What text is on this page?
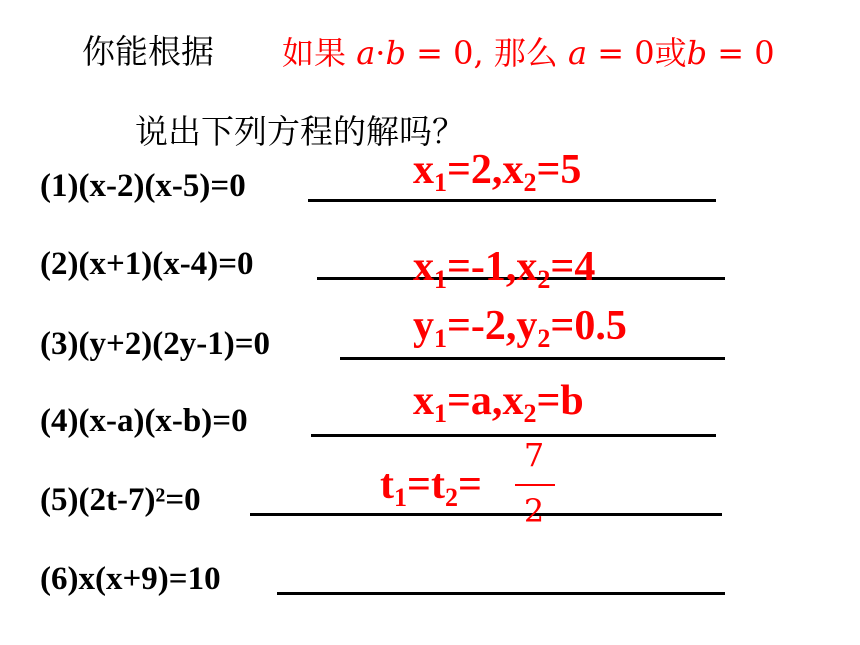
你能根据 如果 a·b = 0, 那么 a = 0或b = 0
说出下列方程的解吗？
(1)(x-2)(x-5)=0
(2)(x+1)(x-4)=0
(3)(y+2)(2y-1)=0
(4)(x-a)(x-b)=0
(5)(2t-7)²=0
(6)x(x+9)=10
$x_1=2,x_2=5$
$x_1=-1,x_2=4$
$y_1=-2,y_2=0.5$
$x_1=a,x_2=b$
$t_1=t_2=$
7
2
